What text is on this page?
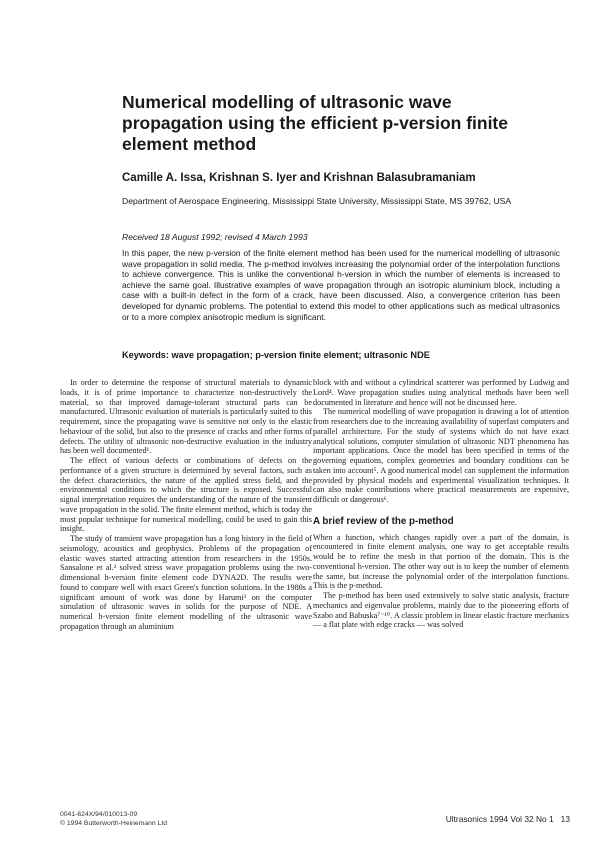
Numerical modelling of ultrasonic wave propagation using the efficient p-version finite element method
Camille A. Issa, Krishnan S. Iyer and Krishnan Balasubramaniam
Department of Aerospace Engineering, Mississippi State University, Mississippi State, MS 39762, USA
Received 18 August 1992; revised 4 March 1993

In this paper, the new p-version of the finite element method has been used for the numerical modelling of ultrasonic wave propagation in solid media. The p-method involves increasing the polynomial order of the interpolation functions to achieve convergence. This is unlike the conventional h-version in which the number of elements is increased to achieve the same goal. Illustrative examples of wave propagation through an isotropic aluminium block, including a case with a built-in defect in the form of a crack, have been discussed. Also, a convergence criterion has been developed for dynamic problems. The potential to extend this model to other applications such as medical ultrasonics or to a more complex anisotropic medium is significant.

Keywords: wave propagation; p-version finite element; ultrasonic NDE

In order to determine the response of structural materials to dynamic loads, it is of prime importance to characterize non-destructively the material, so that improved damage-tolerant structural parts can be manufactured. Ultrasonic evaluation of materials is particularly suited to this requirement, since the propagating wave is sensitive not only to the elastic behaviour of the solid, but also to the presence of cracks and other forms of defects. The utility of ultrasonic non-destructive evaluation in the industry has been well documented¹.

The effect of various defects or combinations of defects on the performance of a given structure is determined by several factors, such as the defect characteristics, the nature of the applied stress field, and the environmental conditions to which the structure is exposed. Successful signal interpretation requires the understanding of the nature of the transient wave propagation in the solid. The finite element method, which is today the most popular technique for numerical modelling, could be used to gain this insight.

The study of transient wave propagation has a long history in the field of seismology, acoustics and geophysics. Problems of the propagation of elastic waves started attracting attention from researchers in the 1950s. Sansalone et al.² solved stress wave propagation problems using the two-dimensional h-version finite element code DYNA2D. The results were found to compare well with exact Green's function solutions. In the 1980s a significant amount of work was done by Harumi³ on the computer simulation of ultrasonic waves in solids for the purpose of NDE. A numerical h-version finite element modelling of the ultrasonic wave propagation through an aluminium

block with and without a cylindrical scatterer was performed by Ludwig and Lord⁴. Wave propagation studies using analytical methods have been well documented in literature and hence will not be discussed here.

The numerical modelling of wave propagation is drawing a lot of attention from researchers due to the increasing availability of superfast computers and parallel architecture. For the study of systems which do not have exact analytical solutions, computer simulation of ultrasonic NDT phenomena has important applications. Once the model has been specified in terms of the governing equations, complex geometries and boundary conditions can be taken into account⁵. A good numerical model can supplement the information provided by physical models and experimental visualization techniques. It can also make contributions where practical measurements are expensive, difficult or dangerous⁶.

A brief review of the p-method

When a function, which changes rapidly over a part of the domain, is encountered in finite element analysis, one way to get acceptable results would be to refine the mesh in that portion of the domain. This is the conventional h-version. The other way out is to keep the number of elements the same, but increase the polynomial order of the interpolation functions. This is the p-method.

The p-method has been used extensively to solve static analysis, fracture mechanics and eigenvalue problems, mainly due to the pioneering efforts of Szabo and Babuska⁷⁻¹⁰. A classic problem in linear elastic fracture mechanics — a flat plate with edge cracks — was solved

0041-624X/94/010013-09
© 1994 Butterworth-Heinemann Ltd	Ultrasonics 1994 Vol 32 No 1   13
